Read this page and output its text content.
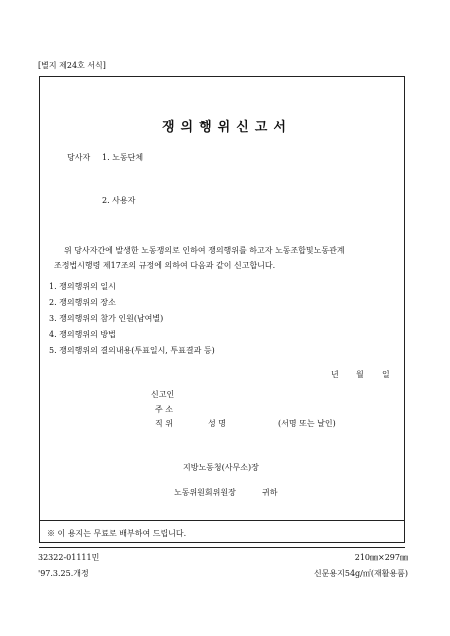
[별지 제24호 서식]
쟁의행위신고서
당사자 1. 노동단체
2. 사용자
위 당사자간에 발생한 노동쟁의로 인하여 쟁의행위를 하고자 노동조합및노동관계
조정법시행령 제17조의 규정에 의하여 다음과 같이 신고합니다.
1. 쟁의행위의 일시
2. 쟁의행위의 장소
3. 쟁의행위의 참가 인원(남여별)
4. 쟁의행위의 방법
5. 쟁의행위의 결의내용(투표일시, 투표결과 등)
년 월 일
신고인
주 소
직 위	성 명	(서명 또는 날인)
지방노동청(사무소)장
노동위원회위원장	귀하
※ 이 용지는 무료로 배부하여 드립니다.
32322-01111민	210㎜×297㎜
'97.3.25.개정	신문용지54g/㎡(재활용품)
